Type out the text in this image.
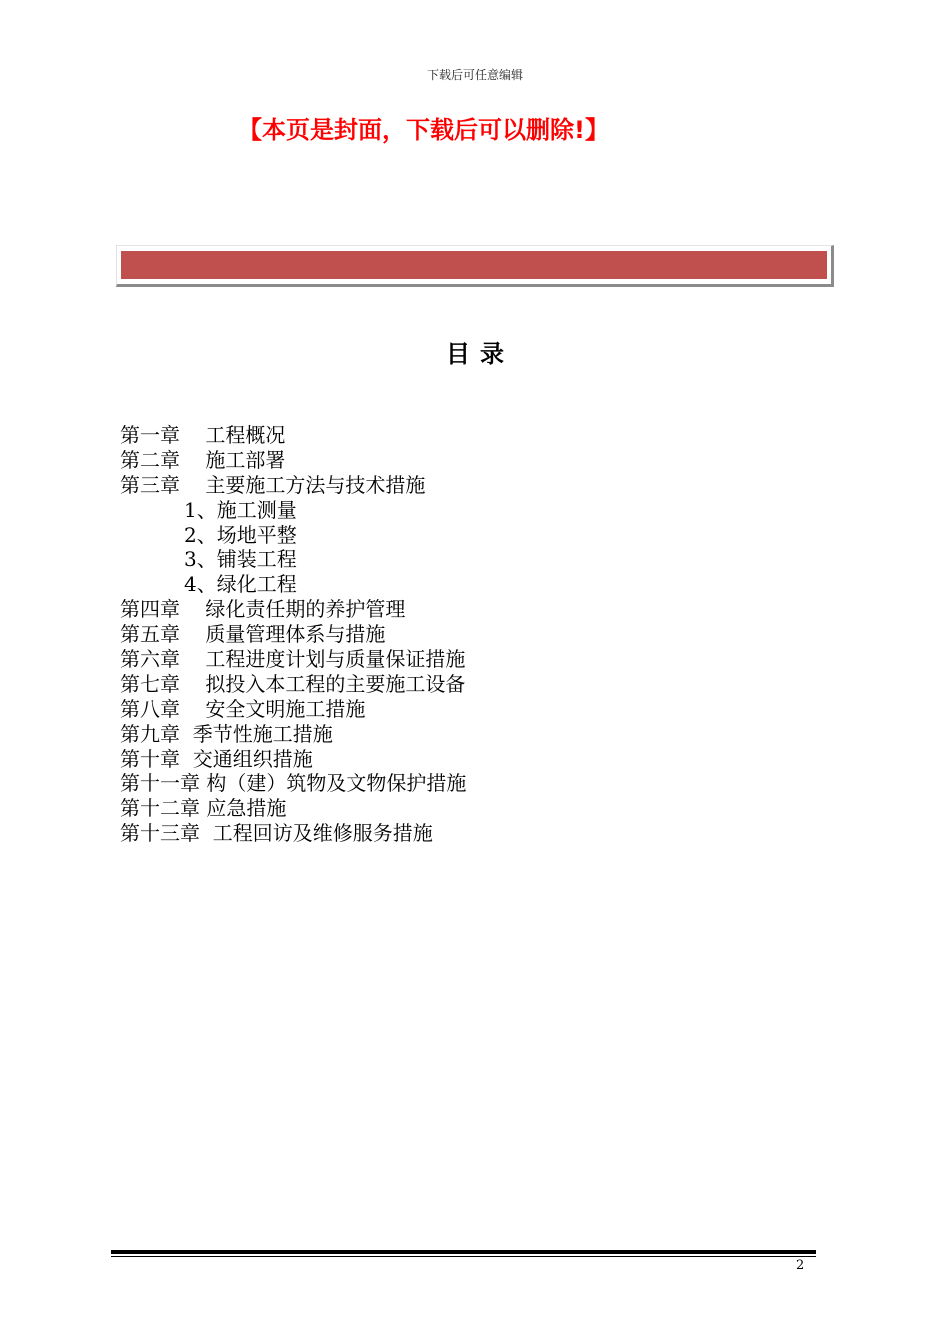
下载后可任意编辑
【本页是封面，下载后可以删除!】
目录
第一章    工程概况
第二章    施工部署
第三章    主要施工方法与技术措施
1、施工测量
2、场地平整
3、铺装工程
4、绿化工程
第四章    绿化责任期的养护管理
第五章    质量管理体系与措施
第六章    工程进度计划与质量保证措施
第七章    拟投入本工程的主要施工设备
第八章    安全文明施工措施
第九章  季节性施工措施
第十章  交通组织措施
第十一章 构（建）筑物及文物保护措施
第十二章 应急措施
第十三章  工程回访及维修服务措施
2
